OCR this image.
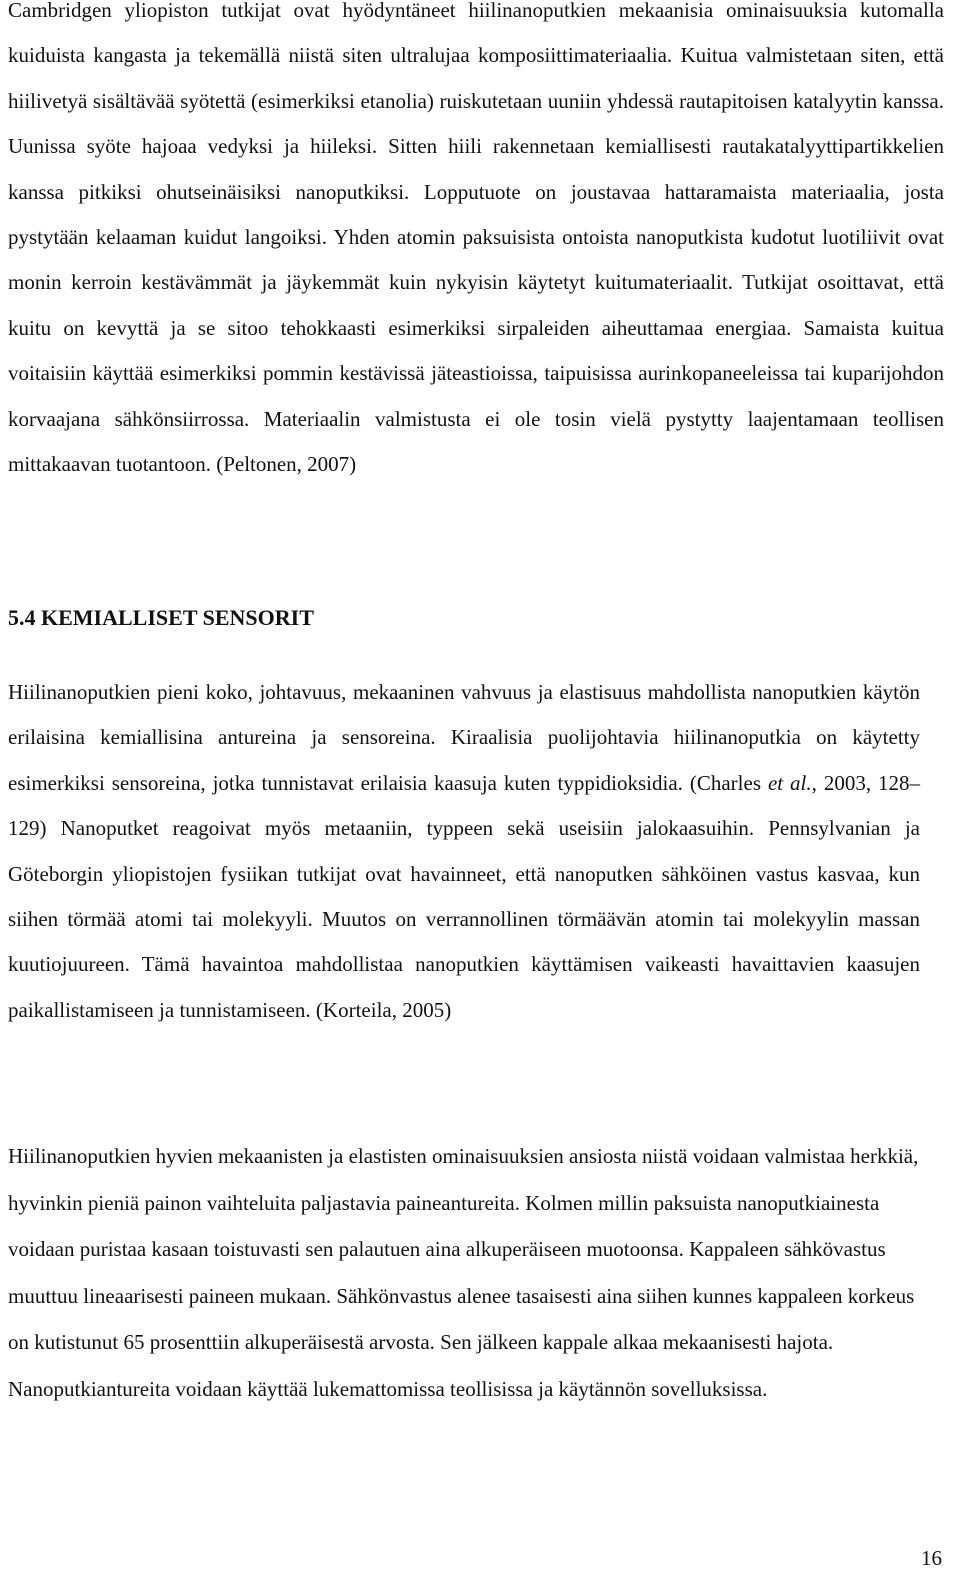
Cambridgen yliopiston tutkijat ovat hyödyntäneet hiilinanoputkien mekaanisia ominaisuuksia kutomalla kuiduista kangasta ja tekemällä niistä siten ultralujaa komposiittimateriaalia. Kuitua valmistetaan siten, että hiilivetyä sisältävää syötettä (esimerkiksi etanolia) ruiskutetaan uuniin yhdessä rautapitoisen katalyytin kanssa. Uunissa syöte hajoaa vedyksi ja hiileksi. Sitten hiili rakennetaan kemiallisesti rautakatalyyttipartikkelien kanssa pitkiksi ohutseinäisiksi nanoputkiksi. Lopputuote on joustavaa hattaramaista materiaalia, josta pystytään kelaaman kuidut langoiksi. Yhden atomin paksuisista ontoista nanoputkista kudotut luotiliivit ovat monin kerroin kestävämmät ja jäykemmät kuin nykyisin käytetyt kuitumateriaalit. Tutkijat osoittavat, että kuitu on kevyttä ja se sitoo tehokkaasti esimerkiksi sirpaleiden aiheuttamaa energiaa. Samaista kuitua voitaisiin käyttää esimerkiksi pommin kestävissä jäteastioissa, taipuisissa aurinkopaneeleissa tai kuparijohdon korvaajana sähkönsiirrossa. Materiaalin valmistusta ei ole tosin vielä pystytty laajentamaan teollisen mittakaavan tuotantoon. (Peltonen, 2007)

5.4 KEMIALLISET SENSORIT

Hiilinanoputkien pieni koko, johtavuus, mekaaninen vahvuus ja elastisuus mahdollista nanoputkien käytön erilaisina kemiallisina antureina ja sensoreina. Kiraalisia puolijohtavia hiilinanoputkia on käytetty esimerkiksi sensoreina, jotka tunnistavat erilaisia kaasuja kuten typpidioksidia. (Charles et al., 2003, 128–129) Nanoputket reagoivat myös metaaniin, typpeen sekä useisiin jalokaasuihin. Pennsylvanian ja Göteborgin yliopistojen fysiikan tutkijat ovat havainneet, että nanoputken sähköinen vastus kasvaa, kun siihen törmää atomi tai molekyyli. Muutos on verrannollinen törmäävän atomin tai molekyylin massan kuutiojuureen. Tämä havaintoa mahdollistaa nanoputkien käyttämisen vaikeasti havaittavien kaasujen paikallistamiseen ja tunnistamiseen. (Korteila, 2005)

Hiilinanoputkien hyvien mekaanisten ja elastisten ominaisuuksien ansiosta niistä voidaan valmistaa herkkiä, hyvinkin pieniä painon vaihteluita paljastavia paineantureita. Kolmen millin paksuista nanoputkiainesta voidaan puristaa kasaan toistuvasti sen palautuen aina alkuperäiseen muotoonsa. Kappaleen sähkövastus muuttuu lineaarisesti paineen mukaan. Sähkönvastus alenee tasaisesti aina siihen kunnes kappaleen korkeus on kutistunut 65 prosenttiin alkuperäisestä arvosta. Sen jälkeen kappale alkaa mekaanisesti hajota. Nanoputkiantureita voidaan käyttää lukemattomissa teollisissa ja käytännön sovelluksissa.

16
